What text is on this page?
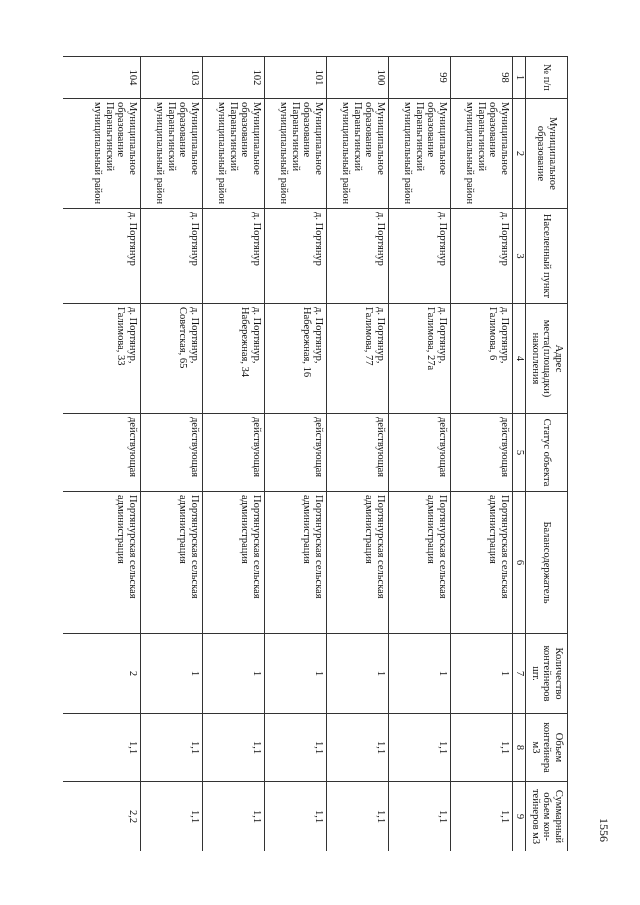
1556
№ п/п	Муниципальное образование	Населенный пункт	Адрес места(площадки) накопления	Статус объекта	Балансодержатель	Количество контейнеров шт.	Объем контейнера м3	Суммарный объем кон-тейнеров м3
1	2	3	4	5	6	7	8	9
98	Муниципальное образование Параньгинский муниципальный район	д. Портянур	д. Портянур, Галимова, 6	действующая	Портянурская сельская администрация	1	1,1	1,1
99	Муниципальное образование Параньгинский муниципальный район	д. Портянур	д. Портянур, Галимова, 27а	действующая	Портянурская сельская администрация	1	1,1	1,1
100	Муниципальное образование Параньгинский муниципальный район	д. Портянур	д. Портянур, Галимова, 77	действующая	Портянурская сельская администрация	1	1,1	1,1
101	Муниципальное образование Параньгинский муниципальный район	д. Портянур	д. Портянур, Набережная, 16	действующая	Портянурская сельская администрация	1	1,1	1,1
102	Муниципальное образование Параньгинский муниципальный район	д. Портянур	д. Портянур, Набережная, 34	действующая	Портянурская сельская администрация	1	1,1	1,1
103	Муниципальное образование Параньгинский муниципальный район	д. Портянур	д. Портянур, Советская, 65	действующая	Портянурская сельская администрация	1	1,1	1,1
104	Муниципальное образование Параньгинский муниципальный район	д. Портянур	д. Портянур, Галимова, 33	действующая	Портянурская сельская администрация	2	1,1	2,2
